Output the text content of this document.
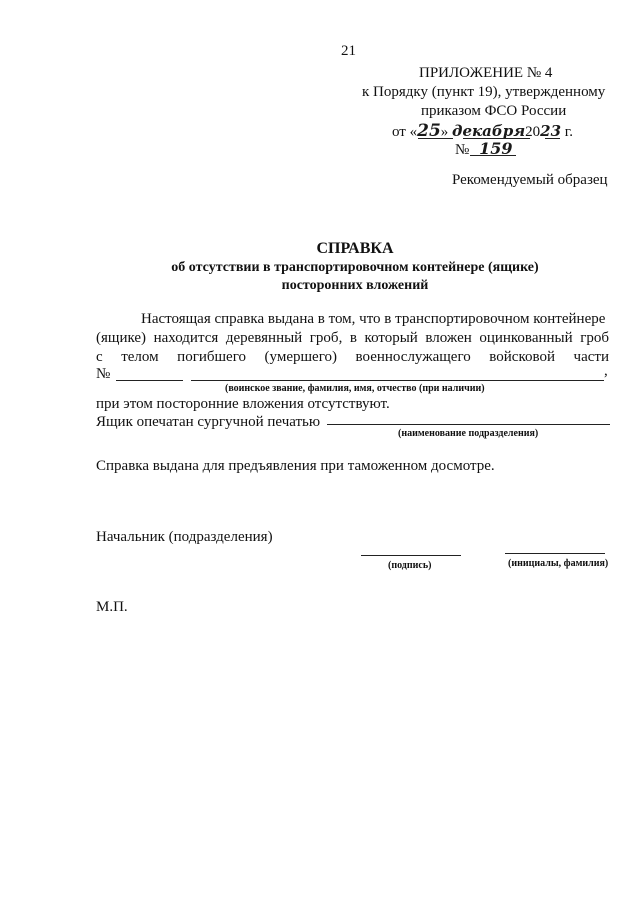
21
ПРИЛОЖЕНИЕ № 4
к Порядку (пункт 19), утвержденному
приказом ФСО России
от «25» декабря2023 г.
№ 159
Рекомендуемый образец
СПРАВКА
об отсутствии в транспортировочном контейнере (ящике)
посторонних вложений
Настоящая справка выдана в том, что в транспортировочном контейнере
(ящике) находится деревянный гроб, в который вложен оцинкованный гроб
с телом погибшего (умершего) военнослужащего войсковой части
№	,
(воинское звание, фамилия, имя, отчество (при наличии)
при этом посторонние вложения отсутствуют.
Ящик опечатан сургучной печатью
(наименование подразделения)
Справка выдана для предъявления при таможенном досмотре.
Начальник (подразделения)
(подпись)	(инициалы, фамилия)
М.П.
